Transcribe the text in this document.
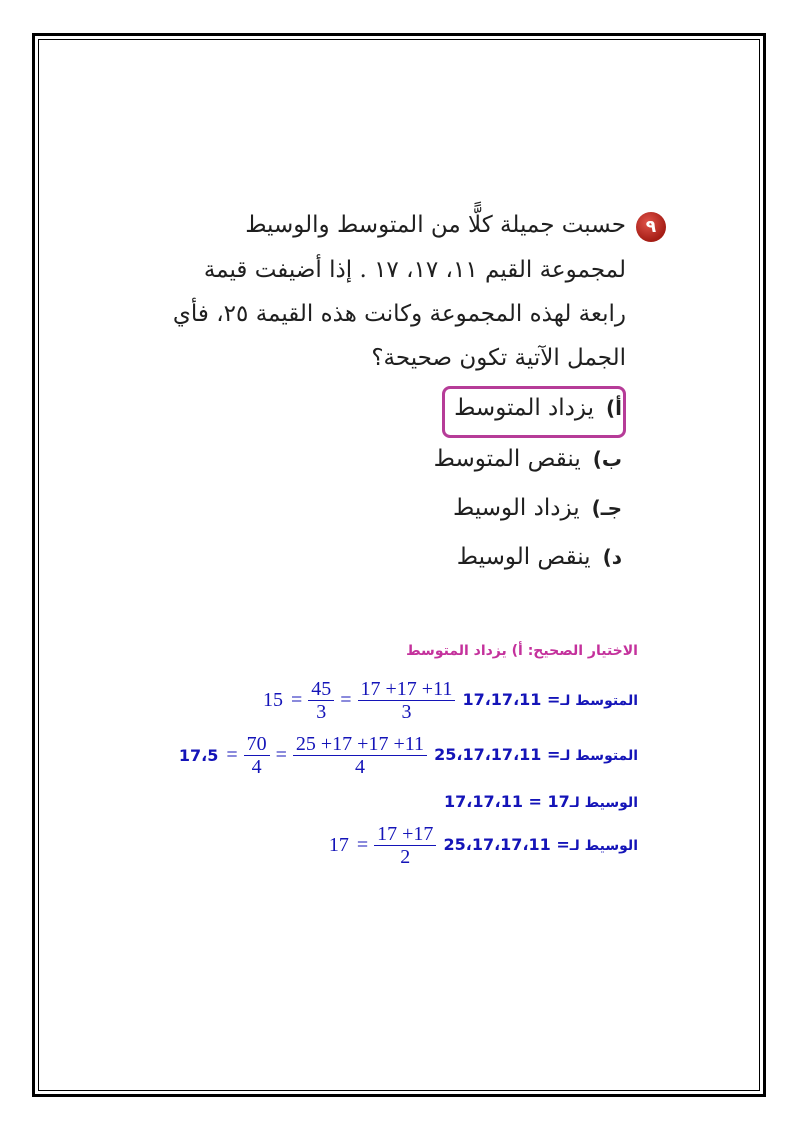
٩
حسبت جميلة كلًّا من المتوسط والوسيط
لمجموعة القيم ١١، ١٧، ١٧ . إذا أضيفت قيمة
رابعة لهذه المجموعة وكانت هذه القيمة ٢٥، فأي
الجمل الآتية تكون صحيحة؟
أ)يزداد المتوسط
ب)ينقص المتوسط
جـ)يزداد الوسيط
د)ينقص الوسيط
الاختيار الصحيح: أ) يزداد المتوسط
المتوسط لـ17،17،11 =
$15 = \frac{45}{3} = \frac{17 +17 +11}{3}$
المتوسط لـ25،17،17،11 =
17،5 = $\frac{70}{4} = \frac{25 +17 +17 +11}{4}$
الوسيط لـ17،17،11 = 17
الوسيط لـ25،17،17،11 =
$17 = \frac{17 +17}{2}$
